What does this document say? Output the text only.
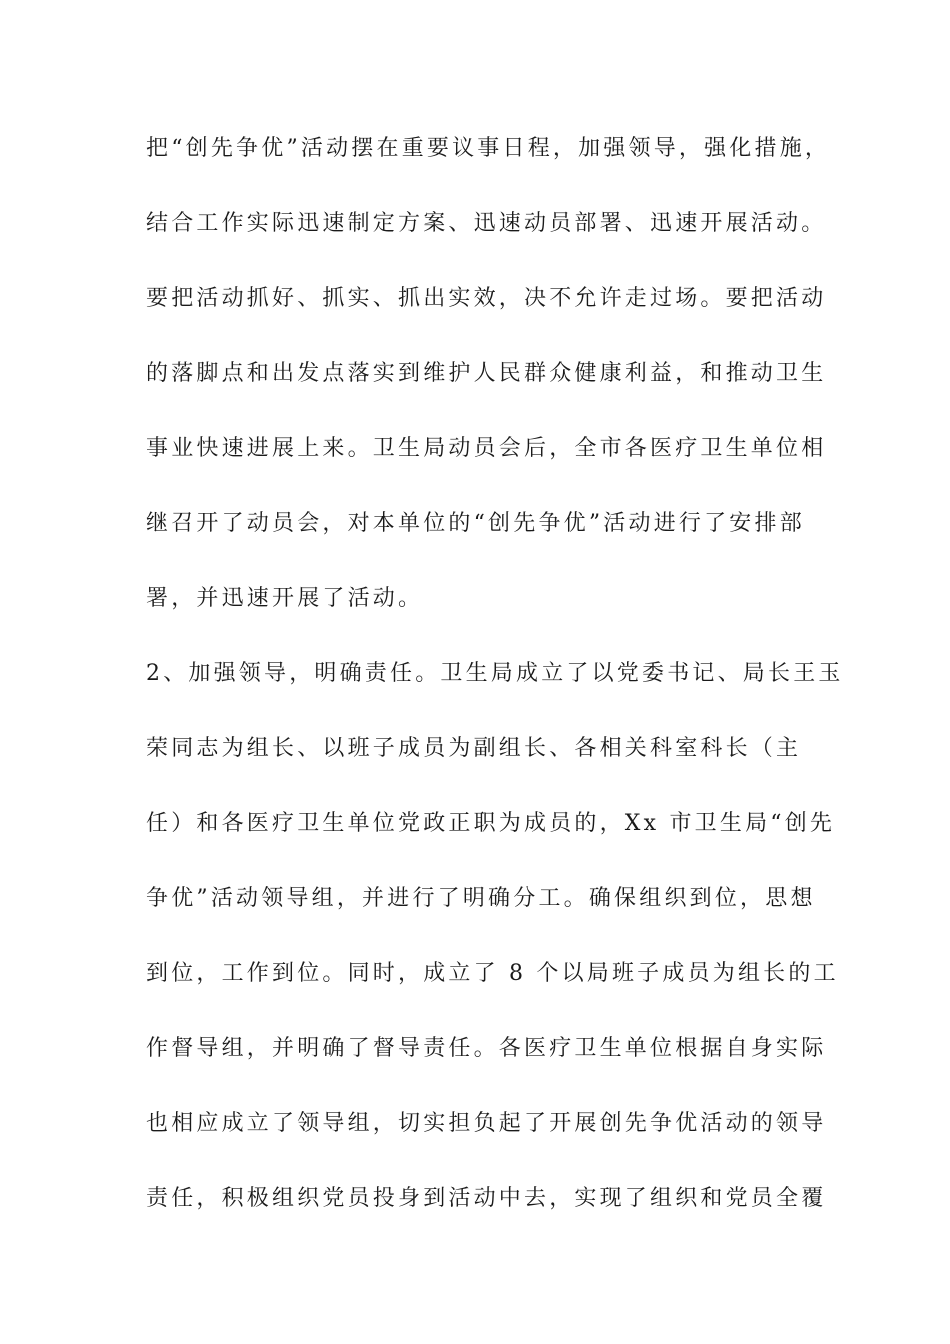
把“创先争优”活动摆在重要议事日程，加强领导，强化措施，
结合工作实际迅速制定方案、迅速动员部署、迅速开展活动。
要把活动抓好、抓实、抓出实效，决不允许走过场。要把活动
的落脚点和出发点落实到维护人民群众健康利益，和推动卫生
事业快速进展上来。卫生局动员会后，全市各医疗卫生单位相
继召开了动员会，对本单位的“创先争优”活动进行了安排部
署，并迅速开展了活动。
2、加强领导，明确责任。卫生局成立了以党委书记、局长王玉
荣同志为组长、以班子成员为副组长、各相关科室科长（主
任）和各医疗卫生单位党政正职为成员的，Xx 市卫生局“创先
争优”活动领导组，并进行了明确分工。确保组织到位，思想
到位，工作到位。同时，成立了 8 个以局班子成员为组长的工
作督导组，并明确了督导责任。各医疗卫生单位根据自身实际
也相应成立了领导组，切实担负起了开展创先争优活动的领导
责任，积极组织党员投身到活动中去，实现了组织和党员全覆
